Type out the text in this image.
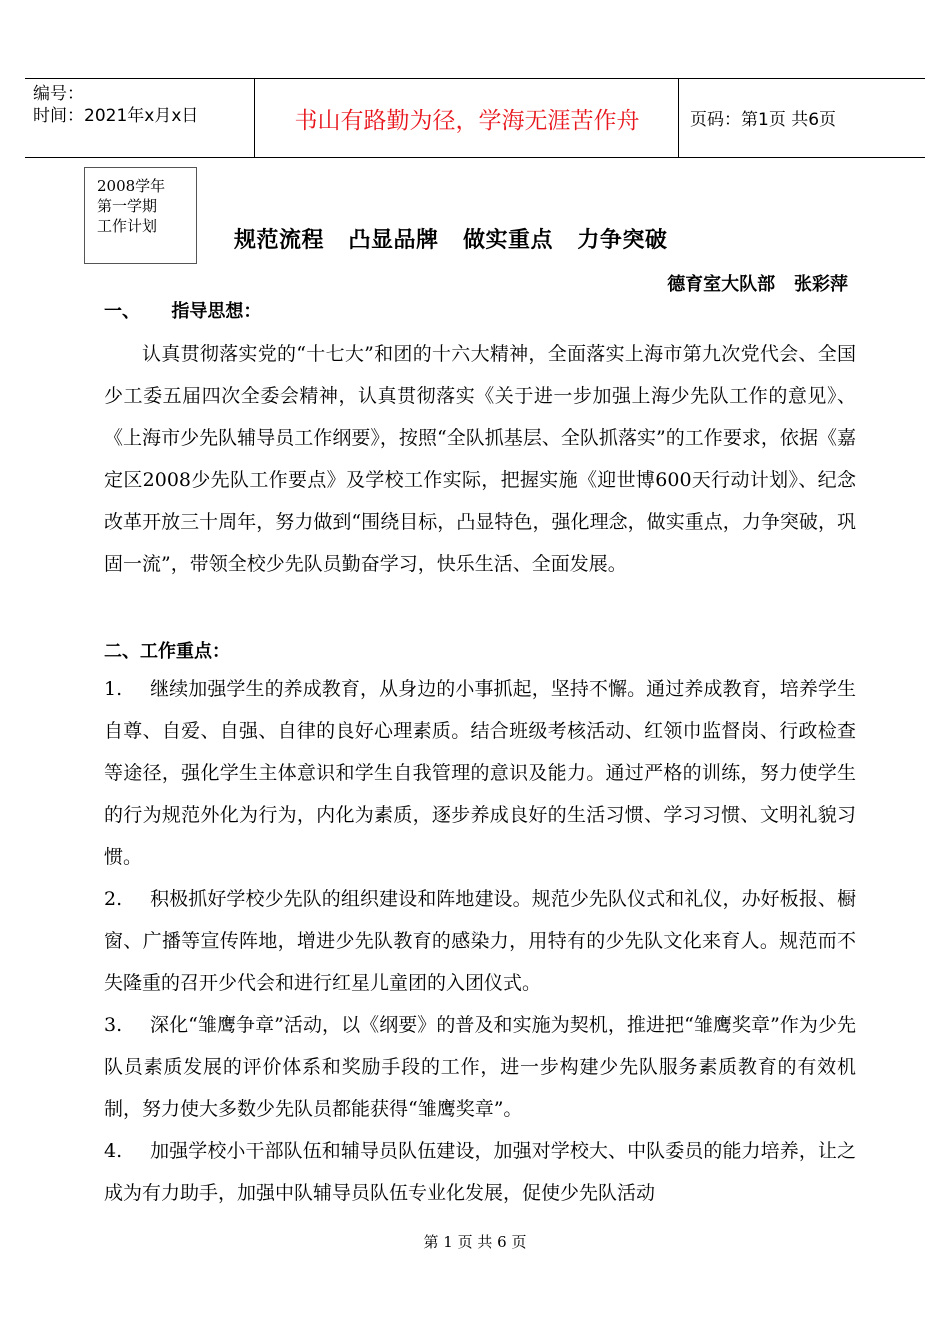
编号：
时间：2021年x月x日	书山有路勤为径，学海无涯苦作舟	页码：第1页 共6页
2008学年
第一学期
工作计划
规范流程   凸显品牌   做实重点   力争突破
德育室大队部   张彩萍
一、     指导思想：

认真贯彻落实党的“十七大”和团的十六大精神，全面落实上海市第九次党代会、全国少工委五届四次全委会精神，认真贯彻落实《关于进一步加强上海少先队工作的意见》、《上海市少先队辅导员工作纲要》，按照“全队抓基层、全队抓落实”的工作要求，依据《嘉定区2008少先队工作要点》及学校工作实际，把握实施《迎世博600天行动计划》、纪念改革开放三十周年，努力做到“围绕目标，凸显特色，强化理念，做实重点，力争突破，巩固一流”，带领全校少先队员勤奋学习，快乐生活、全面发展。

二、工作重点：

1. 继续加强学生的养成教育，从身边的小事抓起，坚持不懈。通过养成教育，培养学生自尊、自爱、自强、自律的良好心理素质。结合班级考核活动、红领巾监督岗、行政检查等途径，强化学生主体意识和学生自我管理的意识及能力。通过严格的训练，努力使学生的行为规范外化为行为，内化为素质，逐步养成良好的生活习惯、学习习惯、文明礼貌习惯。

2. 积极抓好学校少先队的组织建设和阵地建设。规范少先队仪式和礼仪，办好板报、橱窗、广播等宣传阵地，增进少先队教育的感染力，用特有的少先队文化来育人。规范而不失隆重的召开少代会和进行红星儿童团的入团仪式。

3. 深化“雏鹰争章”活动，以《纲要》的普及和实施为契机，推进把“雏鹰奖章”作为少先队员素质发展的评价体系和奖励手段的工作，进一步构建少先队服务素质教育的有效机制，努力使大多数少先队员都能获得“雏鹰奖章”。

4. 加强学校小干部队伍和辅导员队伍建设，加强对学校大、中队委员的能力培养，让之成为有力助手，加强中队辅导员队伍专业化发展，促使少先队活动

第 1 页 共 6 页
